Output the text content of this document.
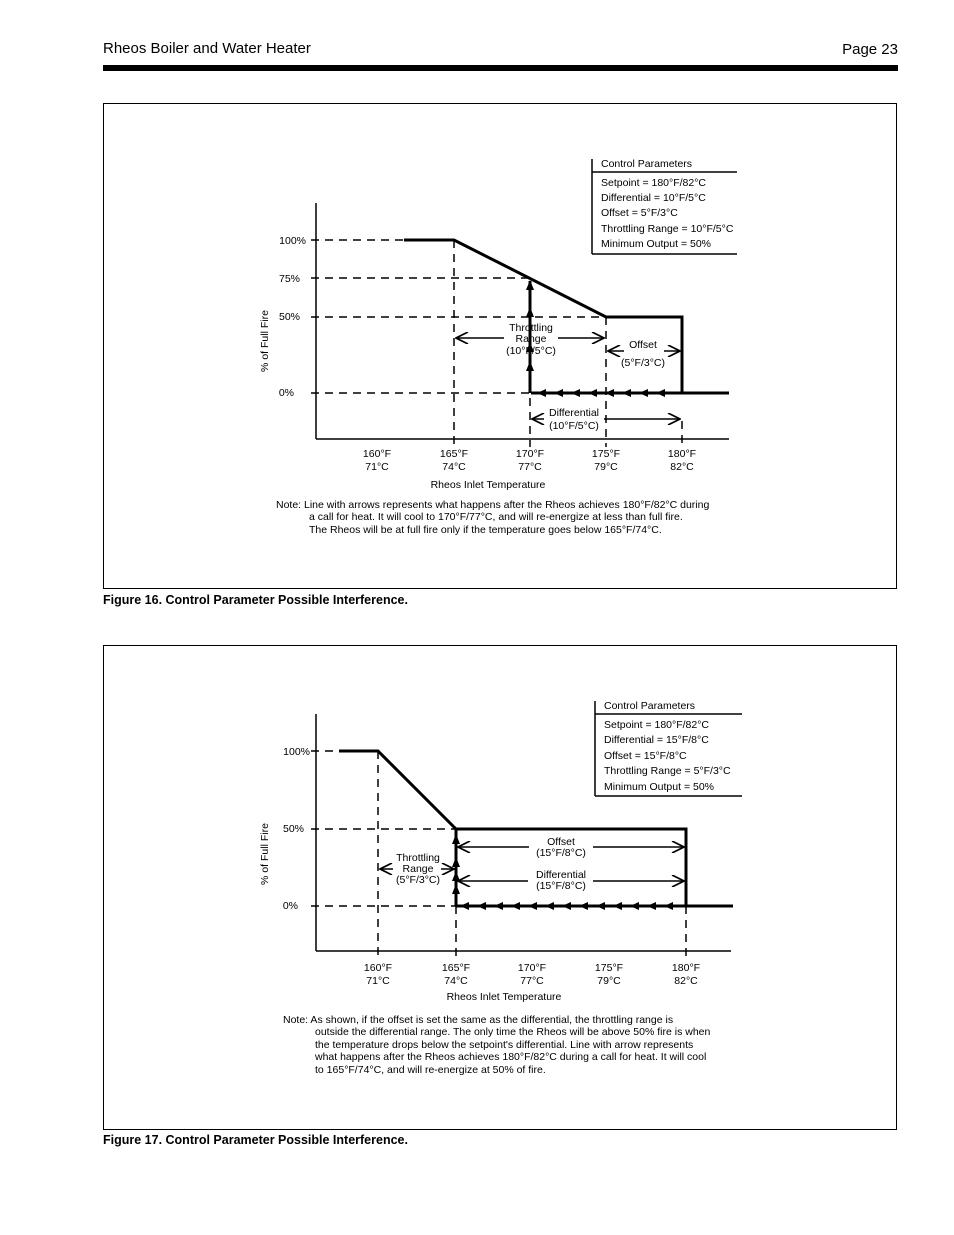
Rheos Boiler and Water Heater	Page 23
Control Parameters
Setpoint = 180°F/82°C
Differential = 10°F/5°C
Offset = 5°F/3°C
Throttling Range = 10°F/5°C
Minimum Output = 50%
Throttling
Range
(10°F/5°C)	Offset
(5°F/3°C)
Differential
(10°F/5°C)
% of Full Fire
100%
75%
50%
0%
160°F	165°F	170°F	175°F	180°F
71°C	74°C	77°C	79°C	82°C
Rheos Inlet Temperature
Note: Line with arrows represents what happens after the Rheos achieves 180°F/82°C during
a call for heat. It will cool to 170°F/77°C, and will re-energize at less than full fire.
The Rheos will be at full fire only if the temperature goes below 165°F/74°C.
Figure 16. Control Parameter Possible Interference.
Control Parameters
Setpoint = 180°F/82°C
Differential = 15°F/8°C
Offset = 15°F/8°C
Throttling Range = 5°F/3°C
Minimum Output = 50%
Throttling
Range
(5°F/3°C)
Offset
(15°F/8°C)
Differential
(15°F/8°C)
% of Full Fire
100%
50%
0%
160°F	165°F	170°F	175°F	180°F
71°C	74°C	77°C	79°C	82°C
Rheos Inlet Temperature
Note: As shown, if the offset is set the same as the differential, the throttling range is
outside the differential range. The only time the Rheos will be above 50% fire is when
the temperature drops below the setpoint's differential. Line with arrow represents
what happens after the Rheos achieves 180°F/82°C during a call for heat. It will cool
to 165°F/74°C, and will re-energize at 50% of fire.
Figure 17. Control Parameter Possible Interference.
